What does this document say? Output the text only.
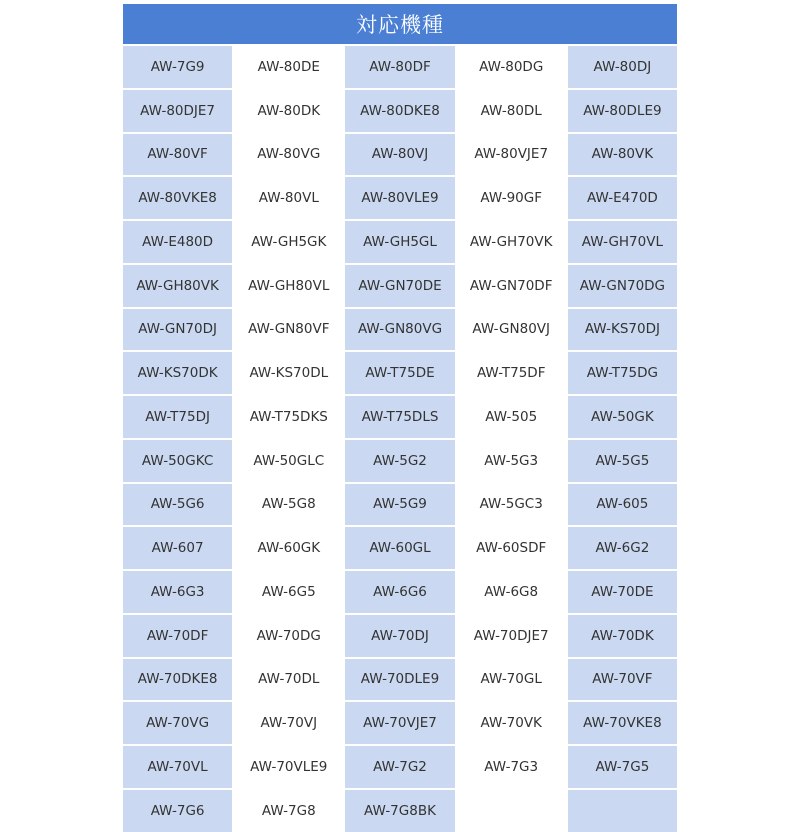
対応機種
AW-7G9	AW-80DE	AW-80DF	AW-80DG	AW-80DJ
AW-80DJE7	AW-80DK	AW-80DKE8	AW-80DL	AW-80DLE9
AW-80VF	AW-80VG	AW-80VJ	AW-80VJE7	AW-80VK
AW-80VKE8	AW-80VL	AW-80VLE9	AW-90GF	AW-E470D
AW-E480D	AW-GH5GK	AW-GH5GL	AW-GH70VK	AW-GH70VL
AW-GH80VK	AW-GH80VL	AW-GN70DE	AW-GN70DF	AW-GN70DG
AW-GN70DJ	AW-GN80VF	AW-GN80VG	AW-GN80VJ	AW-KS70DJ
AW-KS70DK	AW-KS70DL	AW-T75DE	AW-T75DF	AW-T75DG
AW-T75DJ	AW-T75DKS	AW-T75DLS	AW-505	AW-50GK
AW-50GKC	AW-50GLC	AW-5G2	AW-5G3	AW-5G5
AW-5G6	AW-5G8	AW-5G9	AW-5GC3	AW-605
AW-607	AW-60GK	AW-60GL	AW-60SDF	AW-6G2
AW-6G3	AW-6G5	AW-6G6	AW-6G8	AW-70DE
AW-70DF	AW-70DG	AW-70DJ	AW-70DJE7	AW-70DK
AW-70DKE8	AW-70DL	AW-70DLE9	AW-70GL	AW-70VF
AW-70VG	AW-70VJ	AW-70VJE7	AW-70VK	AW-70VKE8
AW-70VL	AW-70VLE9	AW-7G2	AW-7G3	AW-7G5
AW-7G6	AW-7G8	AW-7G8BK
